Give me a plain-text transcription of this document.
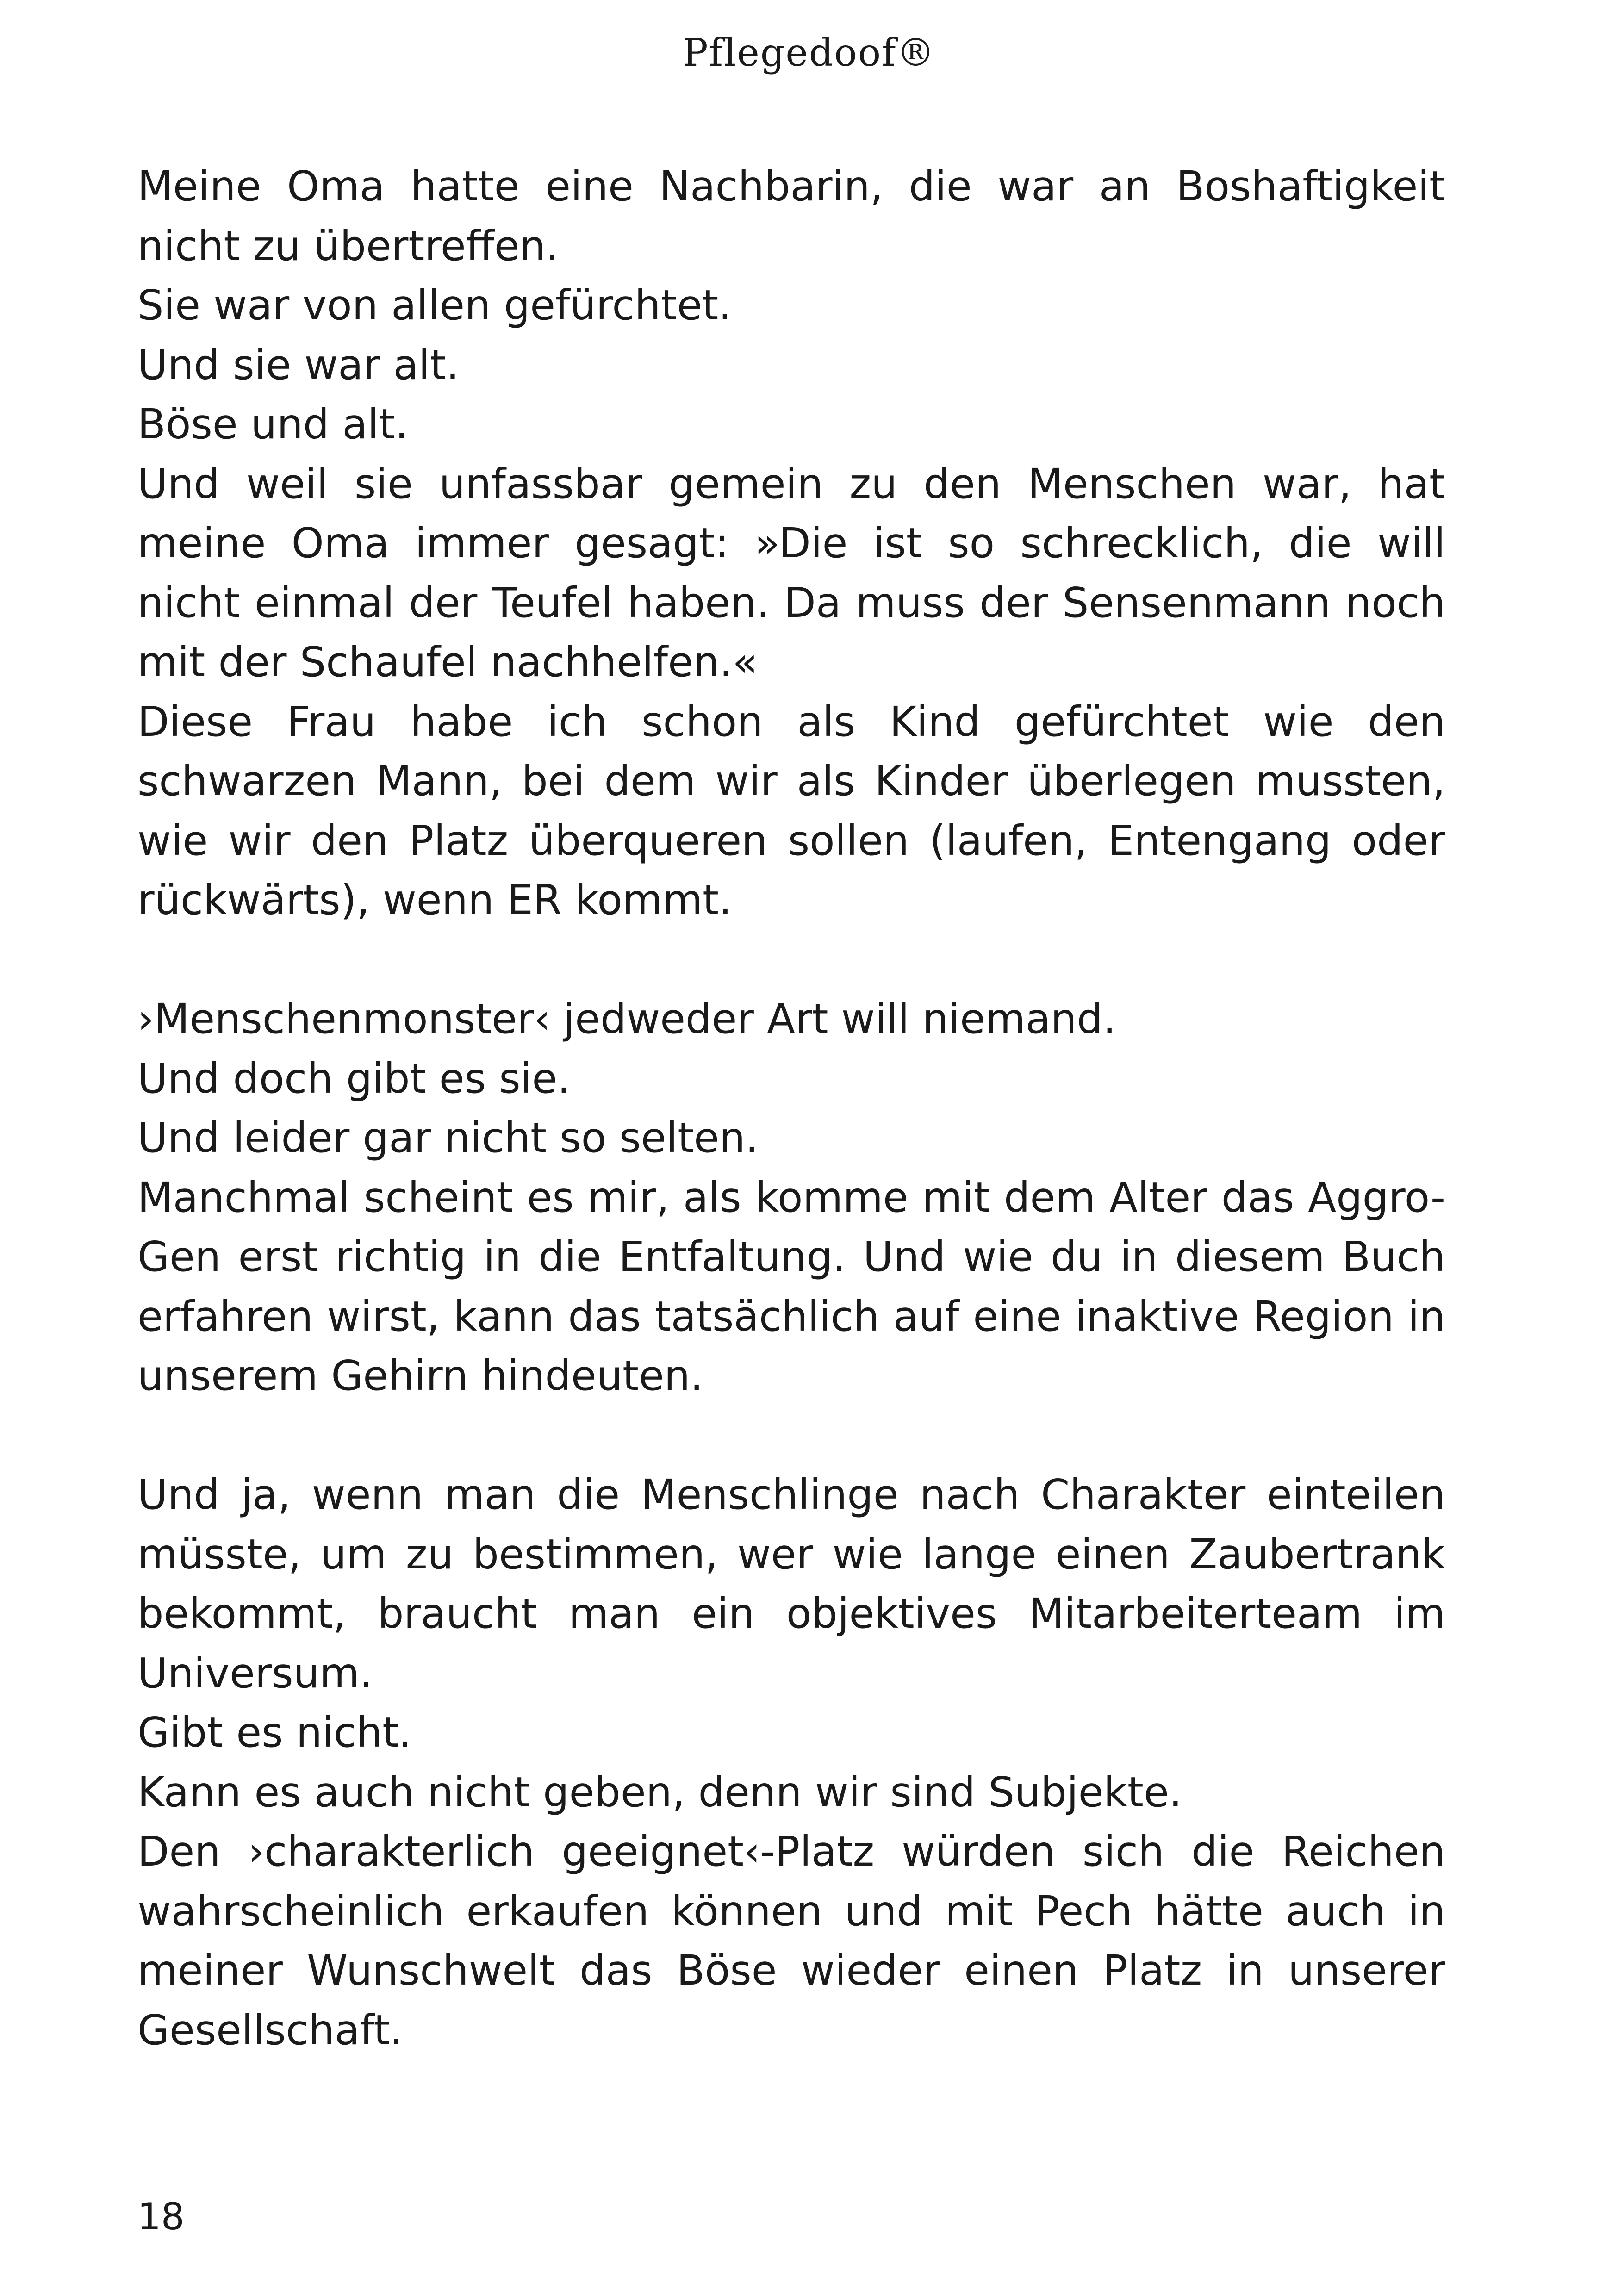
Pflegedoof®

Meine Oma hatte eine Nachbarin, die war an Boshaftigkeit nicht zu übertreffen.

Sie war von allen gefürchtet.

Und sie war alt.

Böse und alt.

Und weil sie unfassbar gemein zu den Menschen war, hat meine Oma immer gesagt: »Die ist so schrecklich, die will nicht einmal der Teufel haben. Da muss der Sensenmann noch mit der Schaufel nachhelfen.«

Diese Frau habe ich schon als Kind gefürchtet wie den schwarzen Mann, bei dem wir als Kinder überlegen mussten, wie wir den Platz überqueren sollen (laufen, Entengang oder rückwärts), wenn ER kommt.

›Menschenmonster‹ jedweder Art will niemand.

Und doch gibt es sie.

Und leider gar nicht so selten.

Manchmal scheint es mir, als komme mit dem Alter das Aggro-Gen erst richtig in die Entfaltung. Und wie du in diesem Buch erfahren wirst, kann das tatsächlich auf eine inaktive Region in unserem Gehirn hindeuten.

Und ja, wenn man die Menschlinge nach Charakter einteilen müsste, um zu bestimmen, wer wie lange einen Zaubertrank bekommt, braucht man ein objektives Mitarbeiterteam im Universum.

Gibt es nicht.

Kann es auch nicht geben, denn wir sind Subjekte.

Den ›charakterlich geeignet‹-Platz würden sich die Reichen wahrscheinlich erkaufen können und mit Pech hätte auch in meiner Wunschwelt das Böse wieder einen Platz in unserer Gesellschaft.

18
